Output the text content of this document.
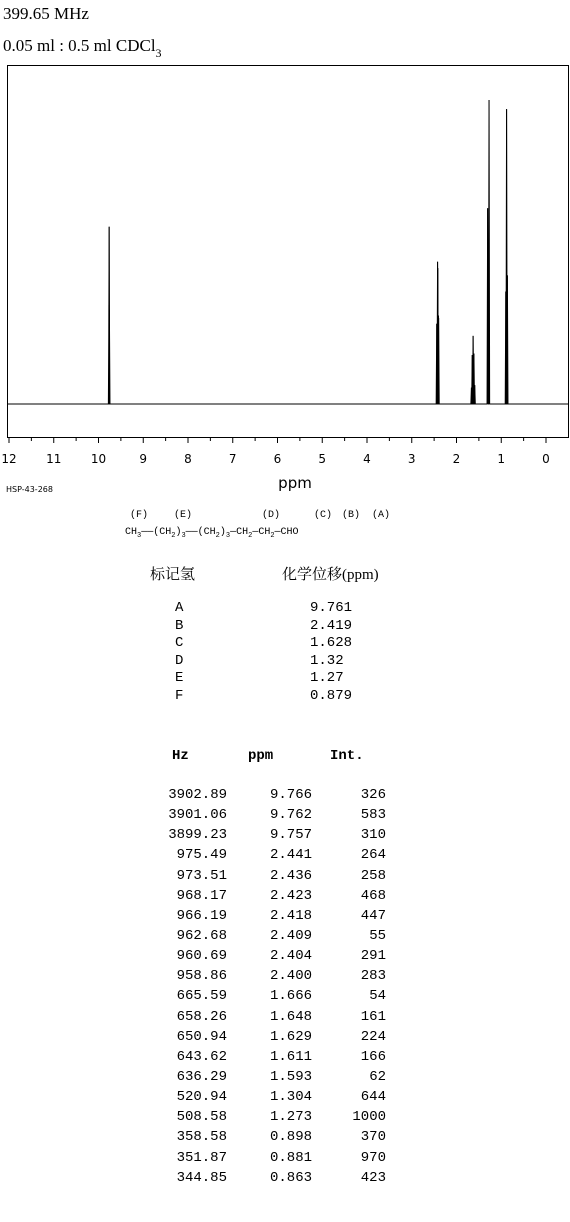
399.65 MHz
0.05 ml : 0.5 ml CDCl$_3$
12 11 10	9	8	7	6	5	4	3	2	1	0
ppm
HSP-43-268
(F)	(E)	(D)	(C) (B) (A)
$CH_3——(CH_2)_3——(CH_2)_3—CH_2—CH_2—CHO$
标记氢	化学位移(ppm)
A	9.761
B	2.419
C	1.628
D	1.32
E	1.27
F	0.879
Hz	ppm	Int.
3902.89	9.766	326
3901.06	9.762	583
3899.23	9.757	310
975.49	2.441	264
973.51	2.436	258
968.17	2.423	468
966.19	2.418	447
962.68	2.409	55
960.69	2.404	291
958.86	2.400	283
665.59	1.666	54
658.26	1.648	161
650.94	1.629	224
643.62	1.611	166
636.29	1.593	62
520.94	1.304	644
508.58	1.273	1000
358.58	0.898	370
351.87	0.881	970
344.85	0.863	423
